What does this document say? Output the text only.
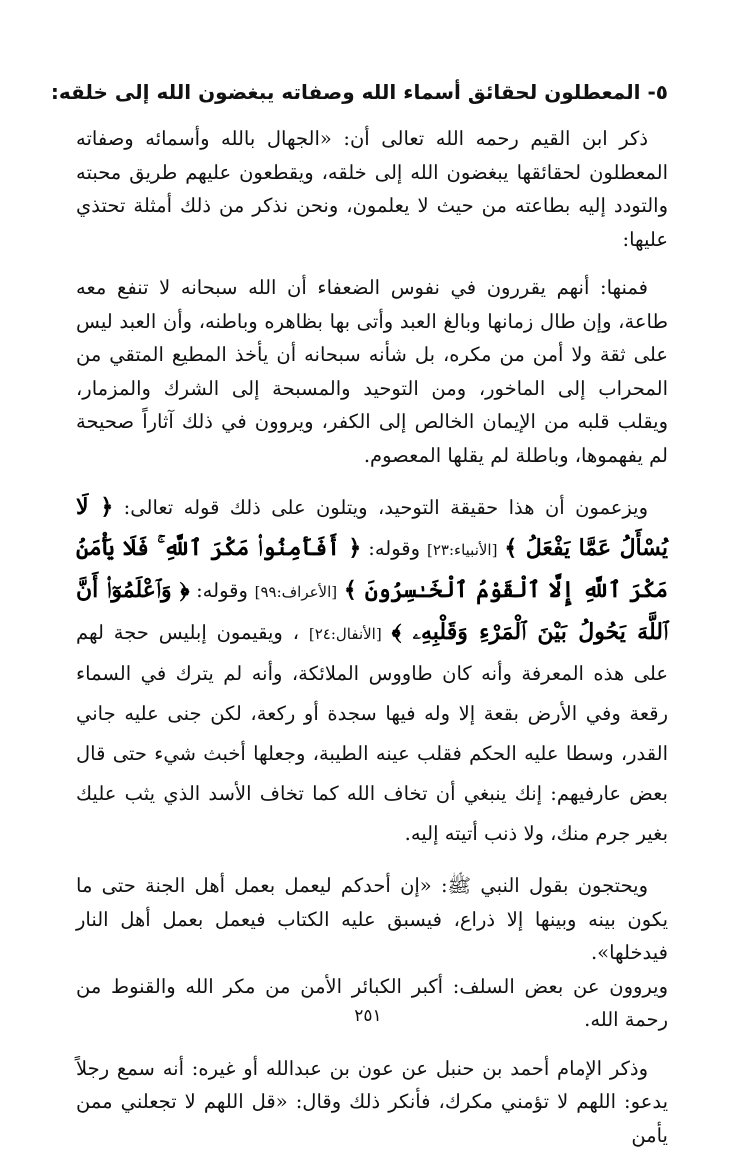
٥- المعطلون لحقائق أسماء الله وصفاته يبغضون الله إلى خلقه:

ذكر ابن القيم رحمه الله تعالى أن: «الجهال بالله وأسمائه وصفاته المعطلون لحقائقها يبغضون الله إلى خلقه، ويقطعون عليهم طريق محبته والتودد إليه بطاعته من حيث لا يعلمون، ونحن نذكر من ذلك أمثلة تحتذي عليها:

فمنها: أنهم يقررون في نفوس الضعفاء أن الله سبحانه لا تنفع معه طاعة، وإن طال زمانها وبالغ العبد وأتى بها بظاهره وباطنه، وأن العبد ليس على ثقة ولا أمن من مكره، بل شأنه سبحانه أن يأخذ المطيع المتقي من المحراب إلى الماخور، ومن التوحيد والمسبحة إلى الشرك والمزمار، ويقلب قلبه من الإيمان الخالص إلى الكفر، ويروون في ذلك آثاراً صحيحة لم يفهموها، وباطلة لم يقلها المعصوم.

ويزعمون أن هذا حقيقة التوحيد، ويتلون على ذلك قوله تعالى: ﴿ لَا يُسْأَلُ عَمَّا يَفْعَلُ ﴾ [الأنبياء:٢٣] وقوله: ﴿ أَفَأَمِنُوا۟ مَكْرَ ٱللَّهِ ۚ فَلَا يَأْمَنُ مَكْرَ ٱللَّهِ إِلَّا ٱلْقَوْمُ ٱلْخَـٰسِرُونَ ﴾ [الأعراف:٩٩] وقوله: ﴿ وَٱعْلَمُوٓا۟ أَنَّ ٱللَّهَ يَحُولُ بَيْنَ ٱلْمَرْءِ وَقَلْبِهِۦ ﴾ [الأنفال:٢٤] ، ويقيمون إبليس حجة لهم على هذه المعرفة وأنه كان طاووس الملائكة، وأنه لم يترك في السماء رقعة وفي الأرض بقعة إلا وله فيها سجدة أو ركعة، لكن جنى عليه جاني القدر، وسطا عليه الحكم فقلب عينه الطيبة، وجعلها أخبث شيء حتى قال بعض عارفيهم: إنك ينبغي أن تخاف الله كما تخاف الأسد الذي يثب عليك بغير جرم منك، ولا ذنب أتيته إليه.

ويحتجون بقول النبي ﷺ: «إن أحدكم ليعمل بعمل أهل الجنة حتى ما يكون بينه وبينها إلا ذراع، فيسبق عليه الكتاب فيعمل بعمل أهل النار فيدخلها».

ويروون عن بعض السلف: أكبر الكبائر الأمن من مكر الله والقنوط من رحمة الله.

وذكر الإمام أحمد بن حنبل عن عون بن عبدالله أو غيره: أنه سمع رجلاً يدعو: اللهم لا تؤمني مكرك، فأنكر ذلك وقال: «قل اللهم لا تجعلني ممن يأمن

٢٥١
